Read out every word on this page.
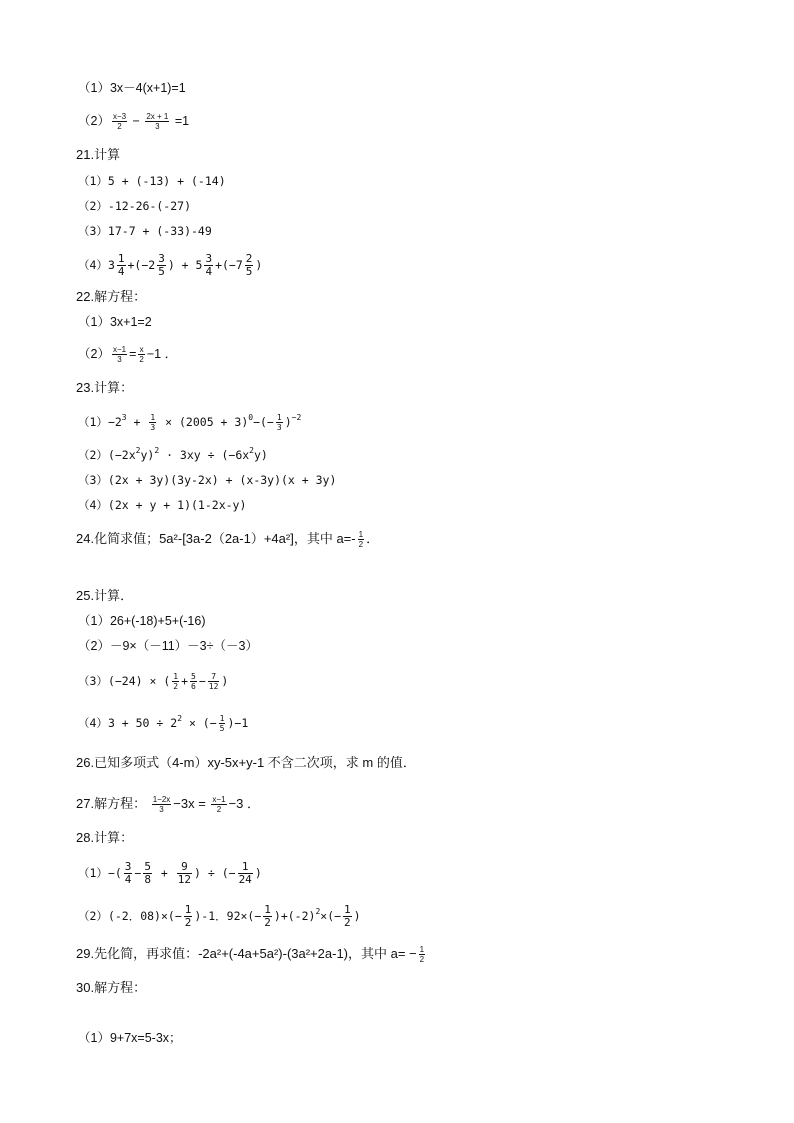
（1）3x－4(x+1)=1
$(2) \frac{x-3}{2} - \frac{2x + 1}{3} =1$
21.计算
（1）5 + (-13) + (-14)
（2）-12-26-(-27)
（3）17-7 + (-33)-49
$(4)3 \frac{1}{4} +(-2 \frac{3}{5}$ ) + $5 \frac{3}{4} +(-7 \frac{2}{5}$ )
22.解方程：
（1）3x+1=2
$(2) \frac{x-1}{3} = \frac{x}{2} -1$ ．
23.计算：
$(1)-2^3 + \frac{1}{3} \times (2005 + 3)^0-(- \frac{1}{3} )^{-2}$
$(2)(-2x^2y)^2 \cdot 3xy \div (-6x^2y)$
（3）(2x + 3y)(3y-2x) + (x-3y)(x + 3y)
（4）(2x + y + 1)(1-2x-y)
24.化简求值；5a²-[3a-2（2a-1）+4a²]，其中 $a=- \frac{1}{2}$ ．
25.计算．
（1）26+(-18)+5+(-16)
（2）－9×（－11）－3÷（－3）
（3）(−24) × ( $\frac{1}{2} + \frac{5}{6} - \frac{7}{12}$ )
$(4)3 + 50 \div 2^2$ × (− $\frac{1}{5} )-1$
26.已知多项式（4-m）xy-5x+y-1 不含二次项，求 m 的值．
27.解方程： $\frac{1-2x}{3} -3x = \frac{x-1}{2} -3$ ．
28.计算：
$(1)-( \frac{3}{4} - \frac{5}{8} + \frac{9}{12}$ ) ÷ (− $\frac{1}{24}$ )
（2）(-2．$08)\times(- \frac{1}{2} )-1$．$92\times(- \frac{1}{2} )+(-2)^2\times(- \frac{1}{2}$ )
29.先化简，再求值：-2a²+(-4a+5a²)-(3a²+2a-1)，其中 $a= - \frac{1}{2}$
30.解方程：
（1）9+7x=5-3x；
